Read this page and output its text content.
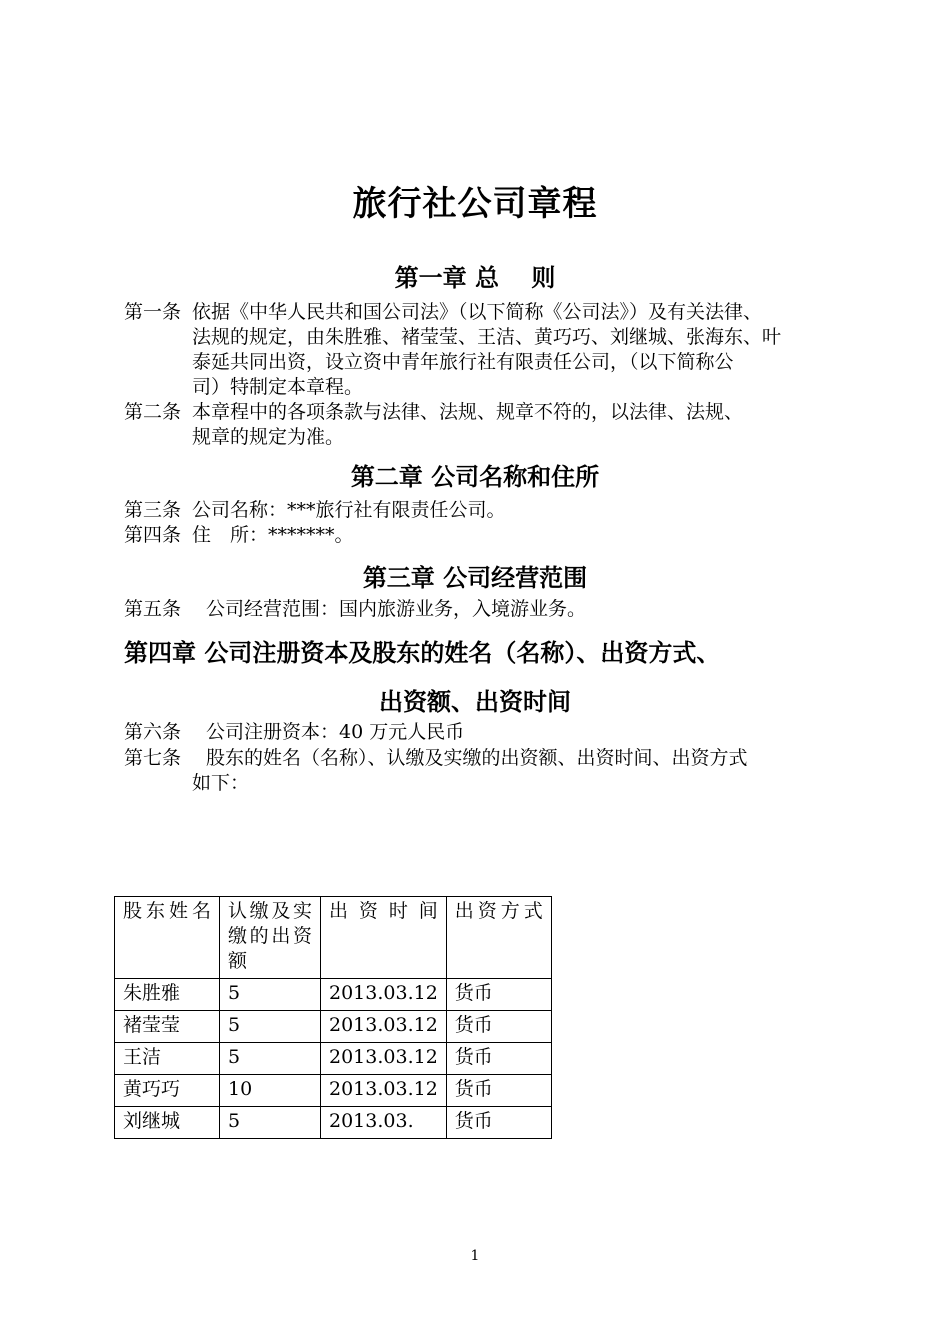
旅行社公司章程
第一章 总　 则
第一条 依据《中华人民共和国公司法》（以下简称《公司法》）及有关法律、
法规的规定，由朱胜雅、褚莹莹、王洁、黄巧巧、刘继城、张海东、叶
泰延共同出资，设立资中青年旅行社有限责任公司，（以下简称公
司）特制定本章程。
第二条 本章程中的各项条款与法律、法规、规章不符的，以法律、法规、
规章的规定为准。
第二章 公司名称和住所
第三条 公司名称：***旅行社有限责任公司。
第四条 住　所：*******。
第三章 公司经营范围
第五条 公司经营范围：国内旅游业务，入境游业务。
第四章 公司注册资本及股东的姓名（名称）、出资方式、
出资额、出资时间
第六条 公司注册资本：40 万元人民币
第七条 股东的姓名（名称）、认缴及实缴的出资额、出资时间、出资方式
如下：
股东姓名	认缴及实缴的出资额	出资时间	出资方式
朱胜雅	5	2013.03.12	货币
褚莹莹	5	2013.03.12	货币
王洁	5	2013.03.12	货币
黄巧巧	10	2013.03.12	货币
刘继城	5	2013.03.	货币
1
